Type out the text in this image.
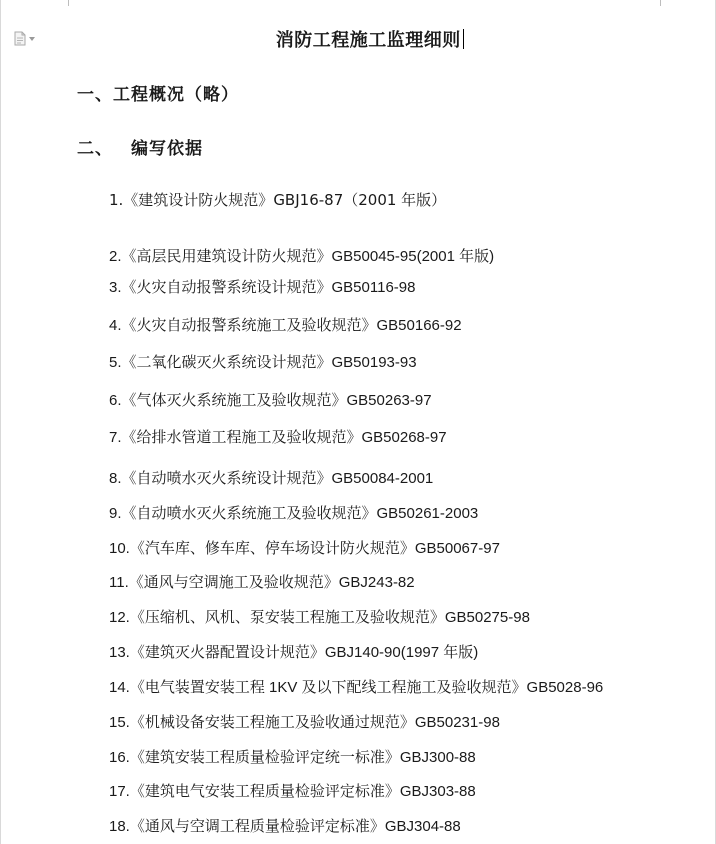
消防工程施工监理细则
一、工程概况（略）
二、 编写依据
1.《建筑设计防火规范》GBJ16-87（2001 年版）
2.《高层民用建筑设计防火规范》GB50045-95(2001 年版)
3.《火灾自动报警系统设计规范》GB50116-98
4.《火灾自动报警系统施工及验收规范》GB50166-92
5.《二氧化碳灭火系统设计规范》GB50193-93
6.《气体灭火系统施工及验收规范》GB50263-97
7.《给排水管道工程施工及验收规范》GB50268-97
8.《自动喷水灭火系统设计规范》GB50084-2001
9.《自动喷水灭火系统施工及验收规范》GB50261-2003
10.《汽车库、修车库、停车场设计防火规范》GB50067-97
11.《通风与空调施工及验收规范》GBJ243-82
12.《压缩机、风机、泵安装工程施工及验收规范》GB50275-98
13.《建筑灭火器配置设计规范》GBJ140-90(1997 年版)
14.《电气装置安装工程 1KV 及以下配线工程施工及验收规范》GB5028-96
15.《机械设备安装工程施工及验收通过规范》GB50231-98
16.《建筑安装工程质量检验评定统一标准》GBJ300-88
17.《建筑电气安装工程质量检验评定标准》GBJ303-88
18.《通风与空调工程质量检验评定标准》GBJ304-88
